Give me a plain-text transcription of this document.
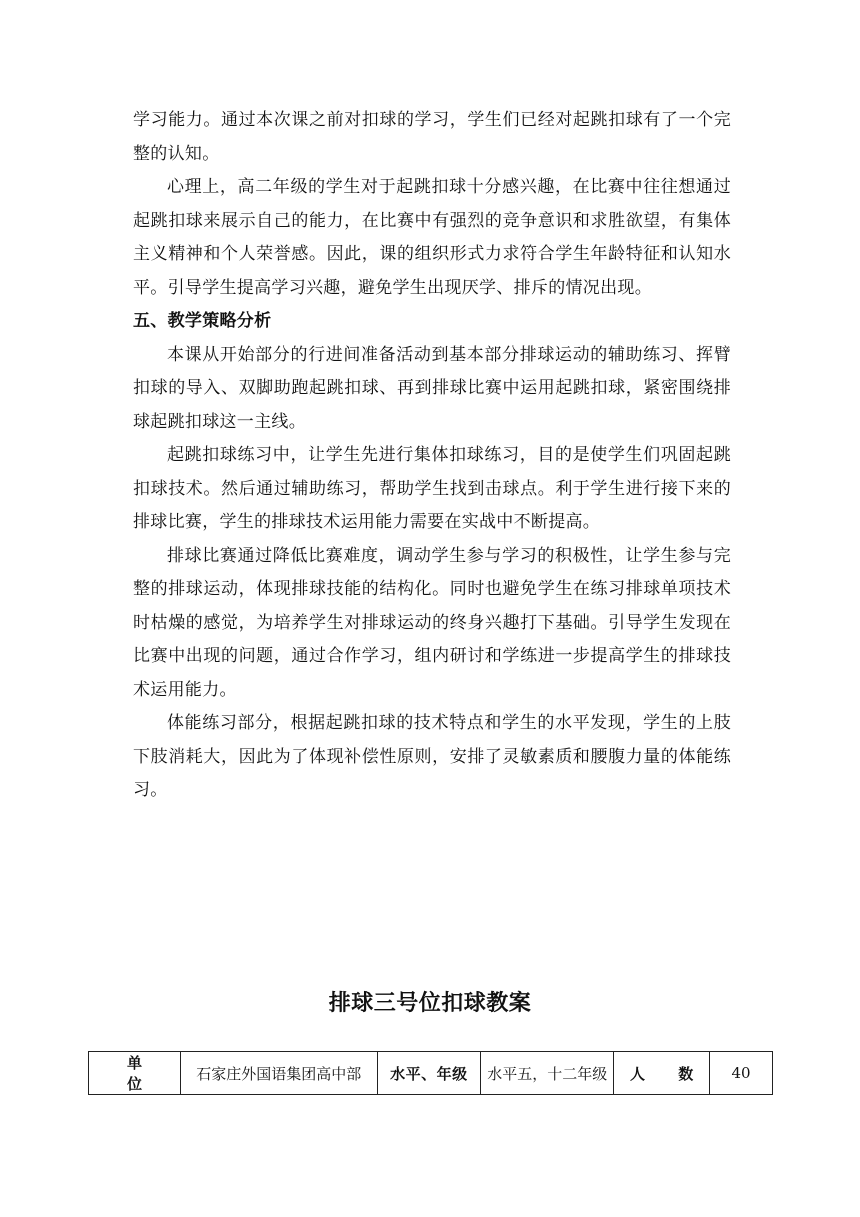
学习能力。通过本次课之前对扣球的学习，学生们已经对起跳扣球有了一个完整的认知。

心理上，高二年级的学生对于起跳扣球十分感兴趣，在比赛中往往想通过起跳扣球来展示自己的能力，在比赛中有强烈的竞争意识和求胜欲望，有集体主义精神和个人荣誉感。因此，课的组织形式力求符合学生年龄特征和认知水平。引导学生提高学习兴趣，避免学生出现厌学、排斥的情况出现。

五、教学策略分析

本课从开始部分的行进间准备活动到基本部分排球运动的辅助练习、挥臂扣球的导入、双脚助跑起跳扣球、再到排球比赛中运用起跳扣球，紧密围绕排球起跳扣球这一主线。

起跳扣球练习中，让学生先进行集体扣球练习，目的是使学生们巩固起跳扣球技术。然后通过辅助练习，帮助学生找到击球点。利于学生进行接下来的排球比赛，学生的排球技术运用能力需要在实战中不断提高。

排球比赛通过降低比赛难度，调动学生参与学习的积极性，让学生参与完整的排球运动，体现排球技能的结构化。同时也避免学生在练习排球单项技术时枯燥的感觉，为培养学生对排球运动的终身兴趣打下基础。引导学生发现在比赛中出现的问题，通过合作学习，组内研讨和学练进一步提高学生的排球技术运用能力。

体能练习部分，根据起跳扣球的技术特点和学生的水平发现，学生的上肢下肢消耗大，因此为了体现补偿性原则，安排了灵敏素质和腰腹力量的体能练习。

排球三号位扣球教案
单 位	石家庄外国语集团高中部	水平、年级	水平五，十二年级	人 数	40
